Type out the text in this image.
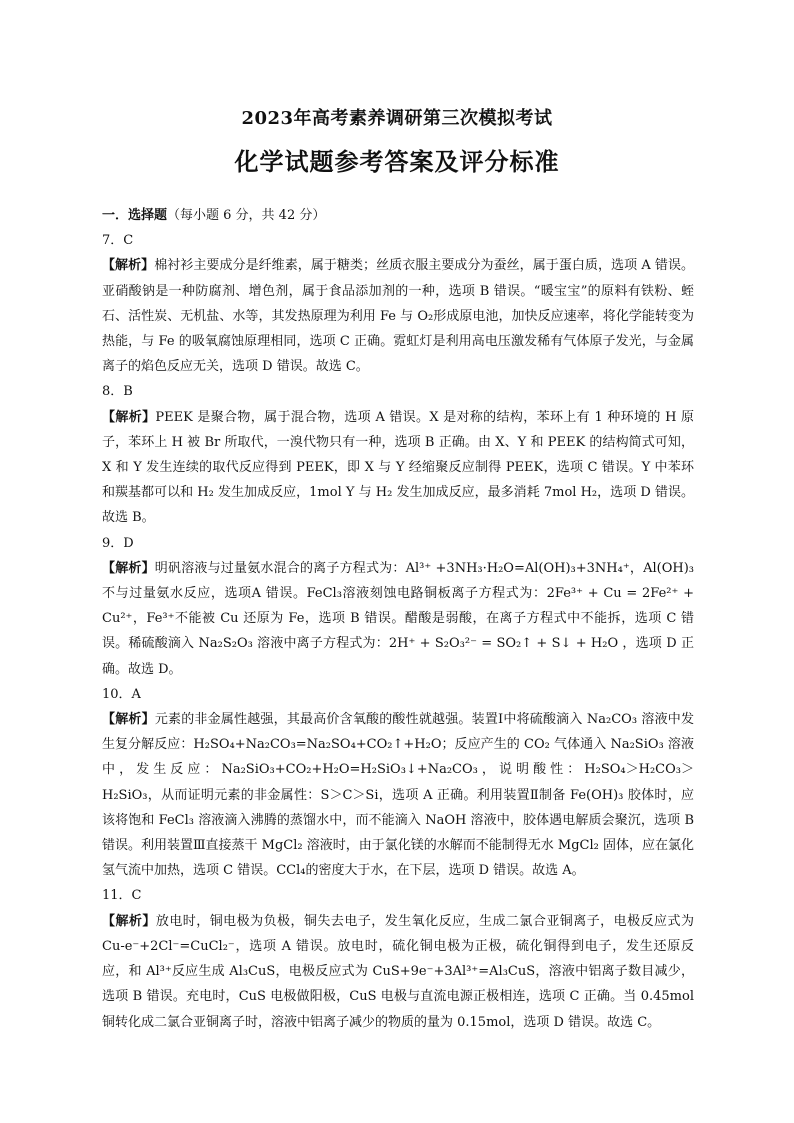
2023年高考素养调研第三次模拟考试
化学试题参考答案及评分标准
一．选择题（每小题 6 分，共 42 分）
7．C
【解析】棉衬衫主要成分是纤维素，属于糖类；丝质衣服主要成分为蚕丝，属于蛋白质，选项 A 错误。亚硝酸钠是一种防腐剂、增色剂，属于食品添加剂的一种，选项 B 错误。“暖宝宝”的原料有铁粉、蛭石、活性炭、无机盐、水等，其发热原理为利用 Fe 与 O₂形成原电池，加快反应速率，将化学能转变为热能，与 Fe 的吸氧腐蚀原理相同，选项 C 正确。霓虹灯是利用高电压激发稀有气体原子发光，与金属离子的焰色反应无关，选项 D 错误。故选 C。
8．B
【解析】PEEK 是聚合物，属于混合物，选项 A 错误。X 是对称的结构，苯环上有 1 种环境的 H 原子，苯环上 H 被 Br 所取代，一溴代物只有一种，选项 B 正确。由 X、Y 和 PEEK 的结构简式可知，X 和 Y 发生连续的取代反应得到 PEEK，即 X 与 Y 经缩聚反应制得 PEEK，选项 C 错误。Y 中苯环和羰基都可以和 H₂ 发生加成反应，1mol Y 与 H₂ 发生加成反应，最多消耗 7mol H₂，选项 D 错误。故选 B。
9．D
【解析】明矾溶液与过量氨水混合的离子方程式为：Al³⁺ +3NH₃·H₂O=Al(OH)₃+3NH₄⁺，Al(OH)₃ 不与过量氨水反应，选项A 错误。FeCl₃溶液刻蚀电路铜板离子方程式为：2Fe³⁺ + Cu = 2Fe²⁺ + Cu²⁺，Fe³⁺不能被 Cu 还原为 Fe，选项 B 错误。醋酸是弱酸，在离子方程式中不能拆，选项 C 错误。稀硫酸滴入 Na₂S₂O₃ 溶液中离子方程式为：2H⁺ + S₂O₃²⁻ = SO₂↑ + S↓ + H₂O ，选项 D 正确。故选 D。
10．A
【解析】元素的非金属性越强，其最高价含氧酸的酸性就越强。装置Ⅰ中将硫酸滴入 Na₂CO₃ 溶液中发生复分解反应：H₂SO₄+Na₂CO₃=Na₂SO₄+CO₂↑+H₂O；反应产生的 CO₂ 气体通入 Na₂SiO₃ 溶液中，发生反应：Na₂SiO₃+CO₂+H₂O=H₂SiO₃↓+Na₂CO₃，说明酸性：H₂SO₄＞H₂CO₃＞H₂SiO₃，从而证明元素的非金属性：S＞C＞Si，选项 A 正确。利用装置Ⅱ制备 Fe(OH)₃ 胶体时，应该将饱和 FeCl₃ 溶液滴入沸腾的蒸馏水中，而不能滴入 NaOH 溶液中，胶体遇电解质会聚沉，选项 B 错误。利用装置Ⅲ直接蒸干 MgCl₂ 溶液时，由于氯化镁的水解而不能制得无水 MgCl₂ 固体，应在氯化氢气流中加热，选项 C 错误。CCl₄的密度大于水，在下层，选项 D 错误。故选 A。
11．C
【解析】放电时，铜电极为负极，铜失去电子，发生氧化反应，生成二氯合亚铜离子，电极反应式为Cu-e⁻+2Cl⁻=CuCl₂⁻，选项 A 错误。放电时，硫化铜电极为正极，硫化铜得到电子，发生还原反应，和 Al³⁺反应生成 Al₃CuS，电极反应式为 CuS+9e⁻+3Al³⁺=Al₃CuS，溶液中铝离子数目减少，选项 B 错误。充电时，CuS 电极做阳极，CuS 电极与直流电源正极相连，选项 C 正确。当 0.45mol 铜转化成二氯合亚铜离子时，溶液中铝离子减少的物质的量为 0.15mol，选项 D 错误。故选 C。
